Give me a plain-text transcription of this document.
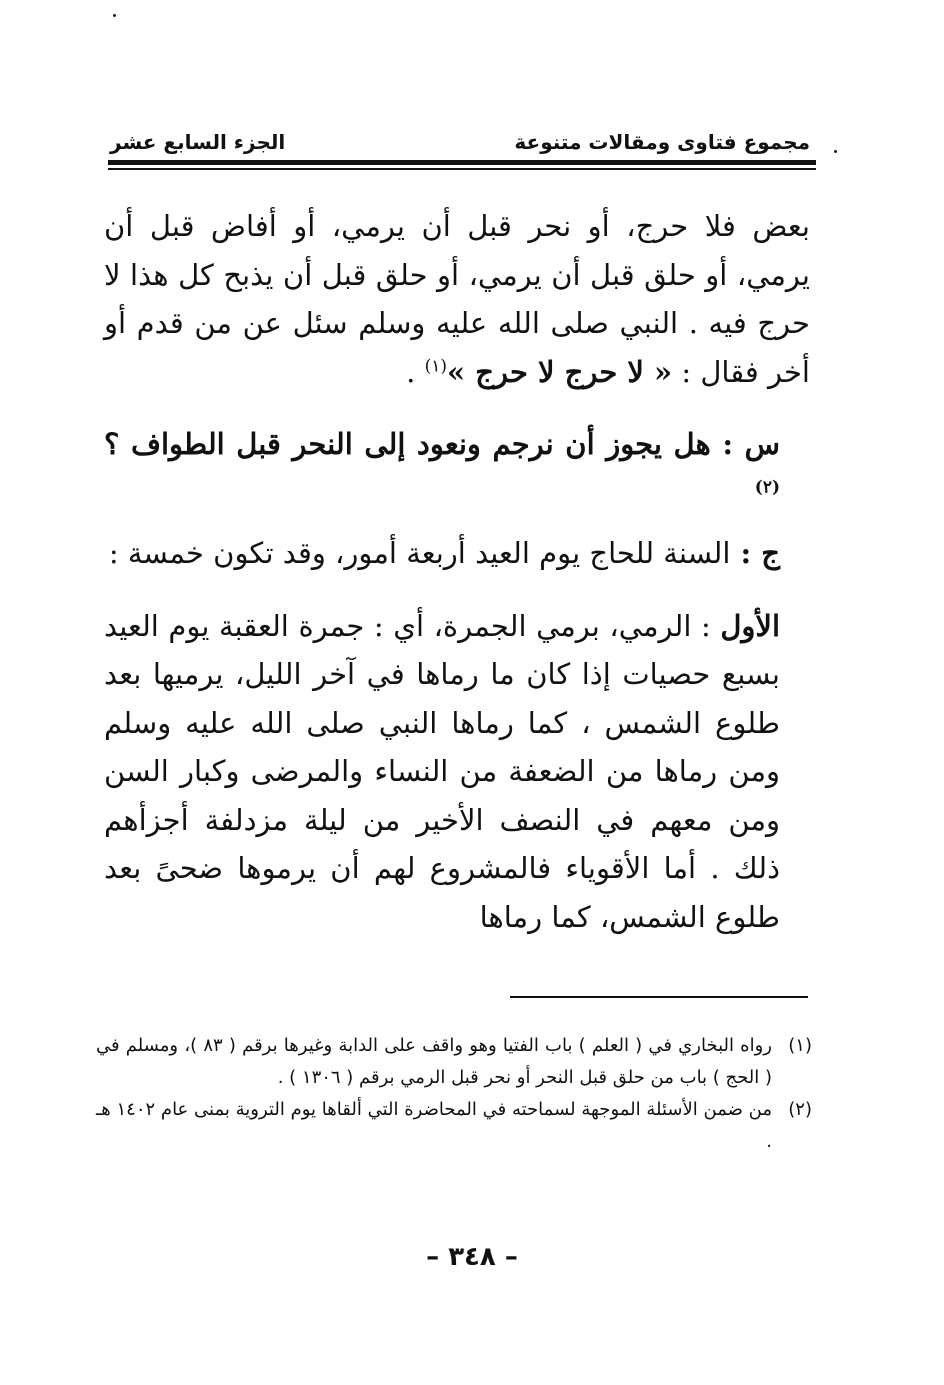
مجموع فتاوى ومقالات متنوعة
الجزء السابع عشر

بعض فلا حرج، أو نحر قبل أن يرمي، أو أفاض قبل أن يرمي، أو حلق قبل أن يرمي، أو حلق قبل أن يذبح كل هذا لا حرج فيه . النبي صلى الله عليه وسلم سئل عن من قدم أو أخر فقال : « لا حرج لا حرج »$^{(١)}$ .

س : هل يجوز أن نرجم ونعود إلى النحر قبل الطواف ؟$^{(٢)}$

ج : السنة للحاج يوم العيد أربعة أمور، وقد تكون خمسة :

الأول : الرمي، برمي الجمرة، أي : جمرة العقبة يوم العيد بسبع حصيات إذا كان ما رماها في آخر الليل، يرميها بعد طلوع الشمس ، كما رماها النبي صلى الله عليه وسلم ومن رماها من الضعفة من النساء والمرضى وكبار السن ومن معهم في النصف الأخير من ليلة مزدلفة أجزأهم ذلك . أما الأقوياء فالمشروع لهم أن يرموها ضحىً بعد طلوع الشمس، كما رماها

(١)
رواه البخاري في ( العلم ) باب الفتيا وهو واقف على الدابة وغيرها برقم ( ٨٣ )، ومسلم في ( الحج ) باب من حلق قبل النحر أو نحر قبل الرمي برقم ( ١٣٠٦ ) .
(٢)
من ضمن الأسئلة الموجهة لسماحته في المحاضرة التي ألقاها يوم التروية بمنى عام ١٤٠٢ هـ .
– ٣٤٨ –
